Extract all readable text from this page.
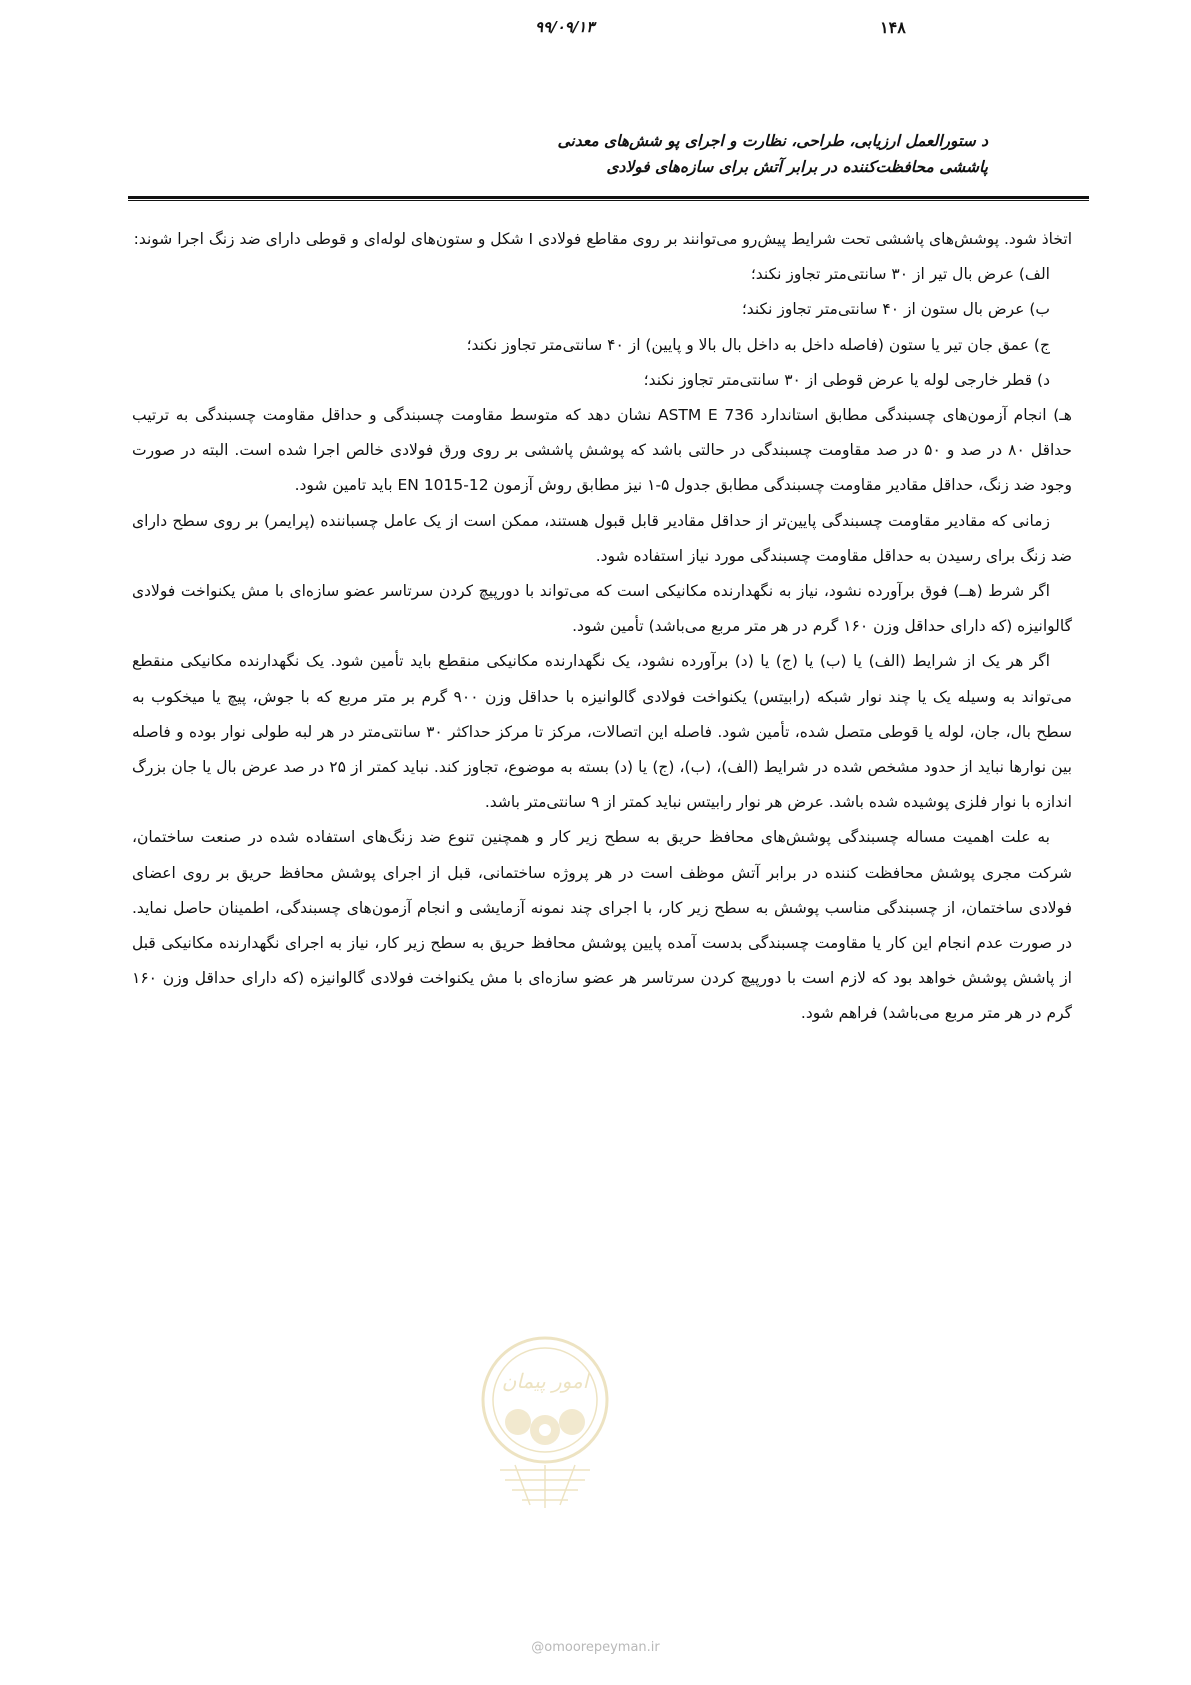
د ستورالعمل ارزیابی، طراحی، نظارت و اجرای پو شش‌های معدنی
پاششی محافظت‌کننده در برابر آتش برای سازه‌های فولادی
۹۹/۰۹/۱۳	۱۴۸

اتخاذ شود. پوشش‌های پاششی تحت شرایط پیش‌رو می‌توانند بر روی مقاطع فولادی I شکل و ستون‌های لوله‌ای و قوطی دارای ضد زنگ اجرا شوند:

الف) عرض بال تیر از ۳۰ سانتی‌متر تجاوز نکند؛

ب) عرض بال ستون از ۴۰ سانتی‌متر تجاوز نکند؛

ج) عمق جان تیر یا ستون (فاصله داخل به داخل بال بالا و پایین) از ۴۰ سانتی‌متر تجاوز نکند؛

د) قطر خارجی لوله یا عرض قوطی از ۳۰ سانتی‌متر تجاوز نکند؛

هـ) انجام آزمون‌های چسبندگی مطابق استاندارد ASTM E 736 نشان دهد که متوسط مقاومت چسبندگی و حداقل مقاومت چسبندگی به ترتیب حداقل ۸۰ در صد و ۵۰ در صد مقاومت چسبندگی در حالتی باشد که پوشش پاششی بر روی ورق فولادی خالص اجرا شده است. البته در صورت وجود ضد زنگ، حداقل مقادیر مقاومت چسبندگی مطابق جدول ۵-۱ نیز مطابق روش آزمون EN 1015-12 باید تامین شود.

زمانی که مقادیر مقاومت چسبندگی پایین‌تر از حداقل مقادیر قابل قبول هستند، ممکن است از یک عامل چسباننده (پرایمر) بر روی سطح دارای ضد زنگ برای رسیدن به حداقل مقاومت چسبندگی مورد نیاز استفاده شود.

اگر شرط (هــ) فوق برآورده نشود، نیاز به نگهدارنده مکانیکی است که می‌تواند با دورپیچ کردن سرتاسر عضو سازه‌ای با مش یکنواخت فولادی گالوانیزه (که دارای حداقل وزن ۱۶۰ گرم در هر متر مربع می‌باشد) تأمین شود.

اگر هر یک از شرایط (الف) یا (ب) یا (ج) یا (د) برآورده نشود، یک نگهدارنده مکانیکی منقطع باید تأمین شود. یک نگهدارنده مکانیکی منقطع می‌تواند به وسیله یک یا چند نوار شبکه (رابیتس) یکنواخت فولادی گالوانیزه با حداقل وزن ۹۰۰ گرم بر متر مربع که با جوش، پیچ یا میخکوب به سطح بال، جان، لوله یا قوطی متصل شده، تأمین شود. فاصله این اتصالات، مرکز تا مرکز حداکثر ۳۰ سانتی‌متر در هر لبه طولی نوار بوده و فاصله بین نوارها نباید از حدود مشخص شده در شرایط (الف)، (ب)، (ج) یا (د) بسته به موضوع، تجاوز کند. نباید کمتر از ۲۵ در صد عرض بال یا جان بزرگ اندازه با نوار فلزی پوشیده شده باشد. عرض هر نوار رابیتس نباید کمتر از ۹ سانتی‌متر باشد.

به علت اهمیت مساله چسبندگی پوشش‌های محافظ حریق به سطح زیر کار و همچنین تنوع ضد زنگ‌های استفاده شده در صنعت ساختمان، شرکت مجری پوشش محافظت کننده در برابر آتش موظف است در هر پروژه ساختمانی، قبل از اجرای پوشش محافظ حریق بر روی اعضای فولادی ساختمان، از چسبندگی مناسب پوشش به سطح زیر کار، با اجرای چند نمونه آزمایشی و انجام آزمون‌های چسبندگی، اطمینان حاصل نماید. در صورت عدم انجام این کار یا مقاومت چسبندگی بدست آمده پایین پوشش محافظ حریق به سطح زیر کار، نیاز به اجرای نگهدارنده مکانیکی قبل از پاشش پوشش خواهد بود که لازم است با دورپیچ کردن سرتاسر هر عضو سازه‌ای با مش یکنواخت فولادی گالوانیزه (که دارای حداقل وزن ۱۶۰ گرم در هر متر مربع می‌باشد) فراهم شود.

امور پیمان
@omoorepeyman.ir
